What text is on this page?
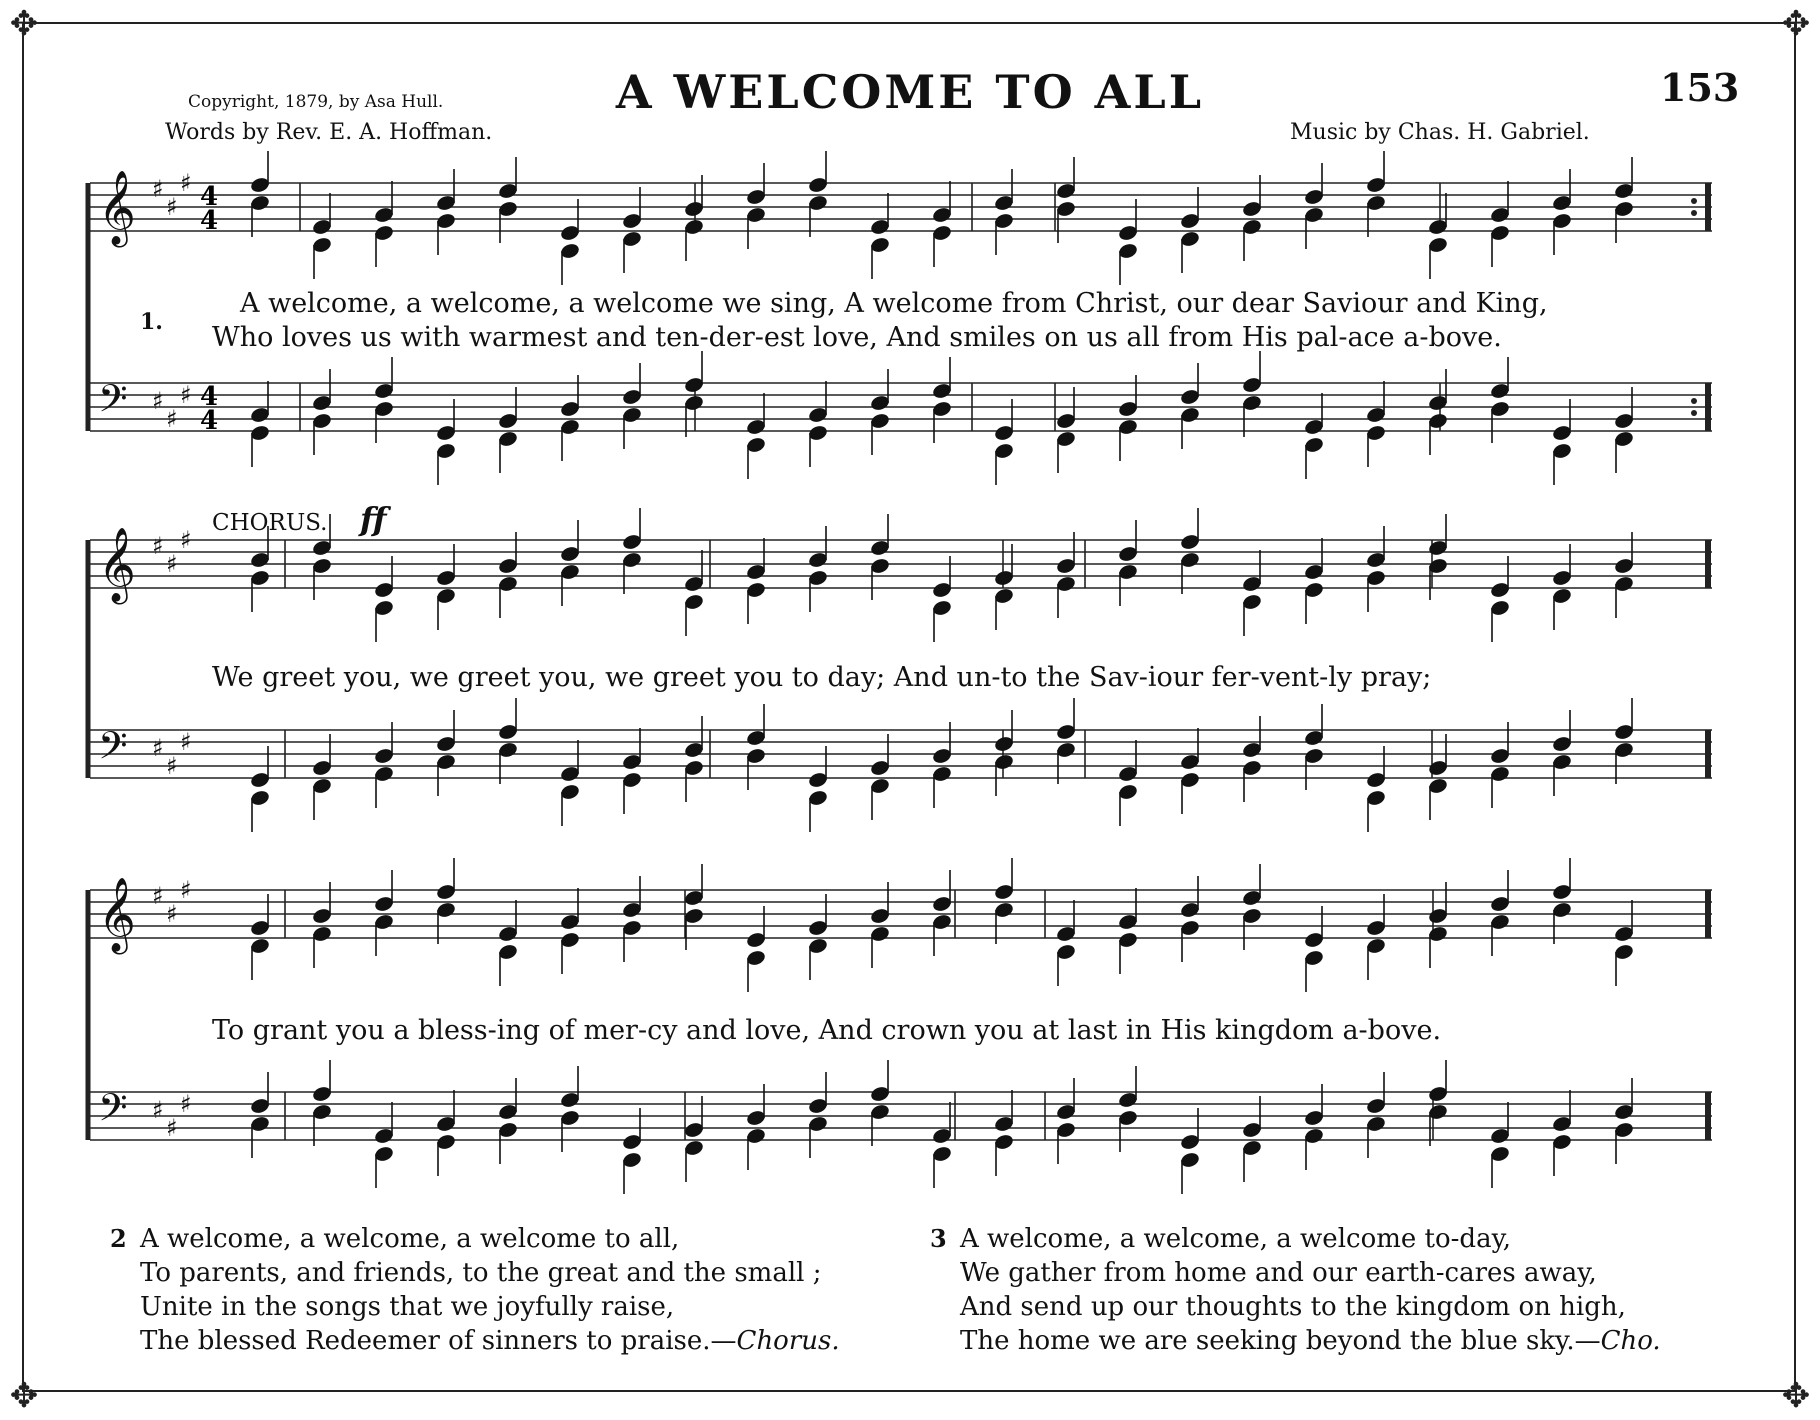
✥	✥
✥	✥
Copyright, 1879, by Asa Hull.
Words by Rev. E. A. Hoffman.	Music by Chas. H. Gabriel.
A WELCOME TO ALL	153
𝄞 ♯
♯
♯ 4
4
𝄢 ♯
♯
♯ 4
4
𝄞 ♯
♯
♯
𝄢 ♯
♯
♯
𝄞 ♯
♯
♯
𝄢 ♯
♯
♯
1.
A welcome, a welcome, a welcome we sing, A welcome from Christ, our dear Saviour and King,
Who loves us with warmest and ten-der-est love, And smiles on us all from His pal-ace a-bove.
CHORUS. ff
We greet you, we greet you, we greet you to day; And un-to the Sav-iour fer-vent-ly pray;
To grant you a bless-ing of mer-cy and love, And crown you at last in His kingdom a-bove.
2 A welcome, a welcome, a welcome to all,
To parents, and friends, to the great and the small ;
Unite in the songs that we joyfully raise,
The blessed Redeemer of sinners to praise.—Chorus.
3 A welcome, a welcome, a welcome to-day,
We gather from home and our earth-cares away,
And send up our thoughts to the kingdom on high,
The home we are seeking beyond the blue sky.—Cho.
